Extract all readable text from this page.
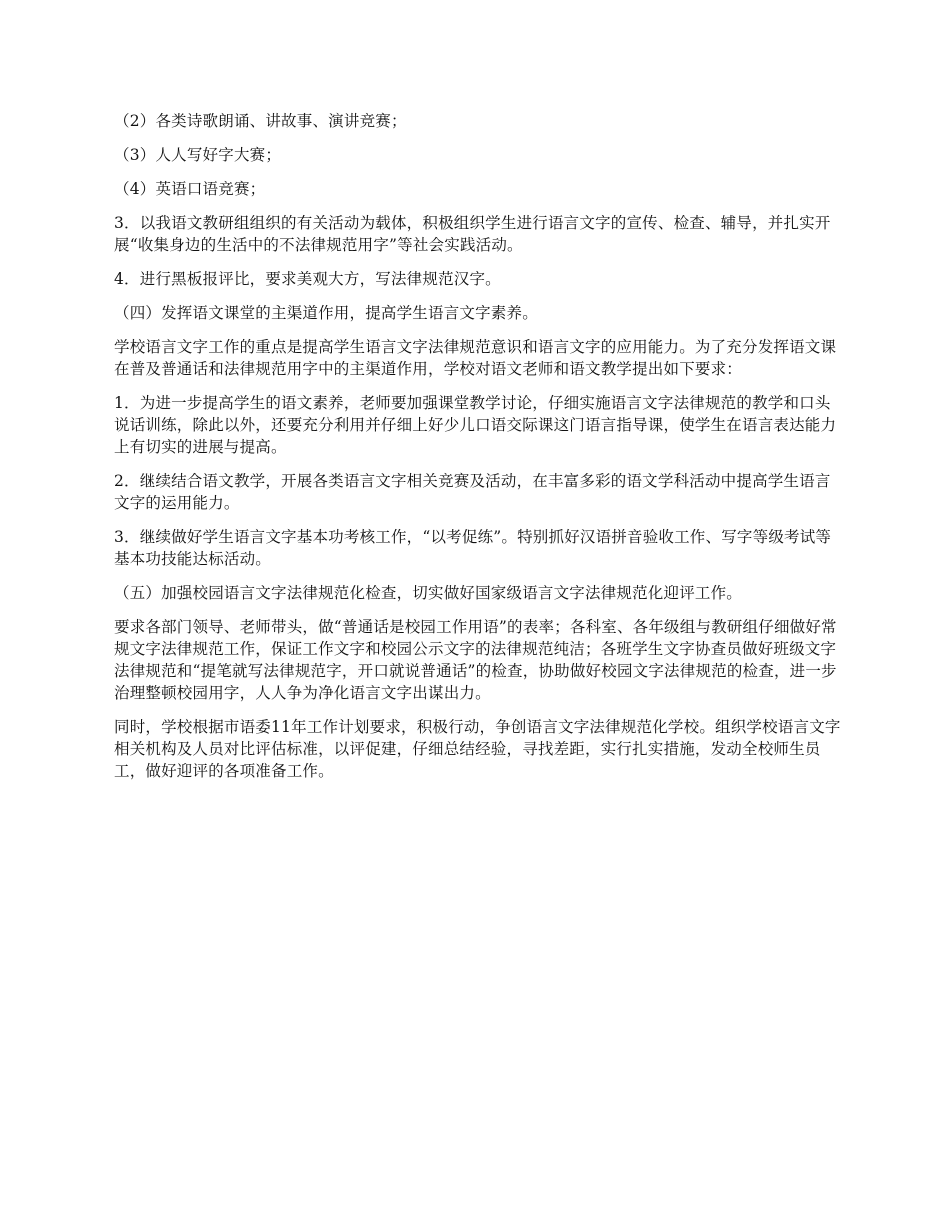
（2）各类诗歌朗诵、讲故事、演讲竞赛；

（3）人人写好字大赛；

（4）英语口语竞赛；

3．以我语文教研组组织的有关活动为载体，积极组织学生进行语言文字的宣传、检查、辅导，并扎实开展“收集身边的生活中的不法律规范用字”等社会实践活动。

4．进行黑板报评比，要求美观大方，写法律规范汉字。

（四）发挥语文课堂的主渠道作用，提高学生语言文字素养。

学校语言文字工作的重点是提高学生语言文字法律规范意识和语言文字的应用能力。为了充分发挥语文课在普及普通话和法律规范用字中的主渠道作用，学校对语文老师和语文教学提出如下要求：

1．为进一步提高学生的语文素养，老师要加强课堂教学讨论，仔细实施语言文字法律规范的教学和口头说话训练，除此以外，还要充分利用并仔细上好少儿口语交际课这门语言指导课，使学生在语言表达能力上有切实的进展与提高。

2．继续结合语文教学，开展各类语言文字相关竞赛及活动，在丰富多彩的语文学科活动中提高学生语言文字的运用能力。

3．继续做好学生语言文字基本功考核工作，“以考促练”。特别抓好汉语拼音验收工作、写字等级考试等基本功技能达标活动。

（五）加强校园语言文字法律规范化检查，切实做好国家级语言文字法律规范化迎评工作。

要求各部门领导、老师带头，做“普通话是校园工作用语”的表率；各科室、各年级组与教研组仔细做好常规文字法律规范工作，保证工作文字和校园公示文字的法律规范纯洁；各班学生文字协查员做好班级文字法律规范和“提笔就写法律规范字，开口就说普通话”的检查，协助做好校园文字法律规范的检查，进一步治理整顿校园用字，人人争为净化语言文字出谋出力。

同时，学校根据市语委11年工作计划要求，积极行动，争创语言文字法律规范化学校。组织学校语言文字相关机构及人员对比评估标准，以评促建，仔细总结经验，寻找差距，实行扎实措施，发动全校师生员工，做好迎评的各项准备工作。
